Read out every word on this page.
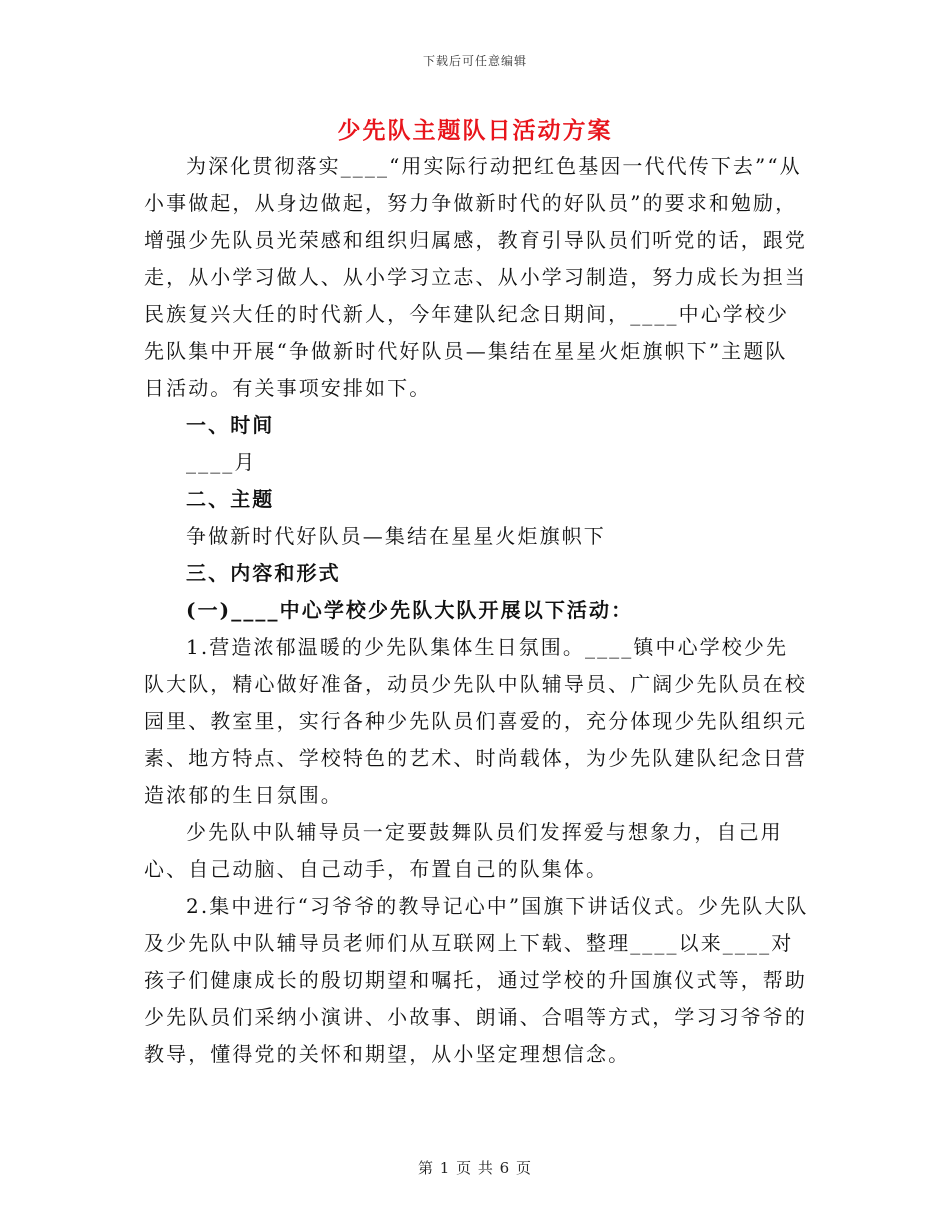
下载后可任意编辑
少先队主题队日活动方案

为深化贯彻落实____“用实际行动把红色基因一代代传下去”“从小事做起，从身边做起，努力争做新时代的好队员”的要求和勉励，增强少先队员光荣感和组织归属感，教育引导队员们听党的话，跟党走，从小学习做人、从小学习立志、从小学习制造，努力成长为担当民族复兴大任的时代新人，今年建队纪念日期间，____中心学校少先队集中开展“争做新时代好队员—集结在星星火炬旗帜下”主题队日活动。有关事项安排如下。

一、时间

____月

二、主题

争做新时代好队员—集结在星星火炬旗帜下

三、内容和形式

(一)____中心学校少先队大队开展以下活动：

1.营造浓郁温暖的少先队集体生日氛围。____镇中心学校少先队大队，精心做好准备，动员少先队中队辅导员、广阔少先队员在校园里、教室里，实行各种少先队员们喜爱的，充分体现少先队组织元素、地方特点、学校特色的艺术、时尚载体，为少先队建队纪念日营造浓郁的生日氛围。

少先队中队辅导员一定要鼓舞队员们发挥爱与想象力，自己用心、自己动脑、自己动手，布置自己的队集体。

2.集中进行“习爷爷的教导记心中”国旗下讲话仪式。少先队大队及少先队中队辅导员老师们从互联网上下载、整理____以来____对孩子们健康成长的殷切期望和嘱托，通过学校的升国旗仪式等，帮助少先队员们采纳小演讲、小故事、朗诵、合唱等方式，学习习爷爷的教导，懂得党的关怀和期望，从小坚定理想信念。

第 1 页 共 6 页
